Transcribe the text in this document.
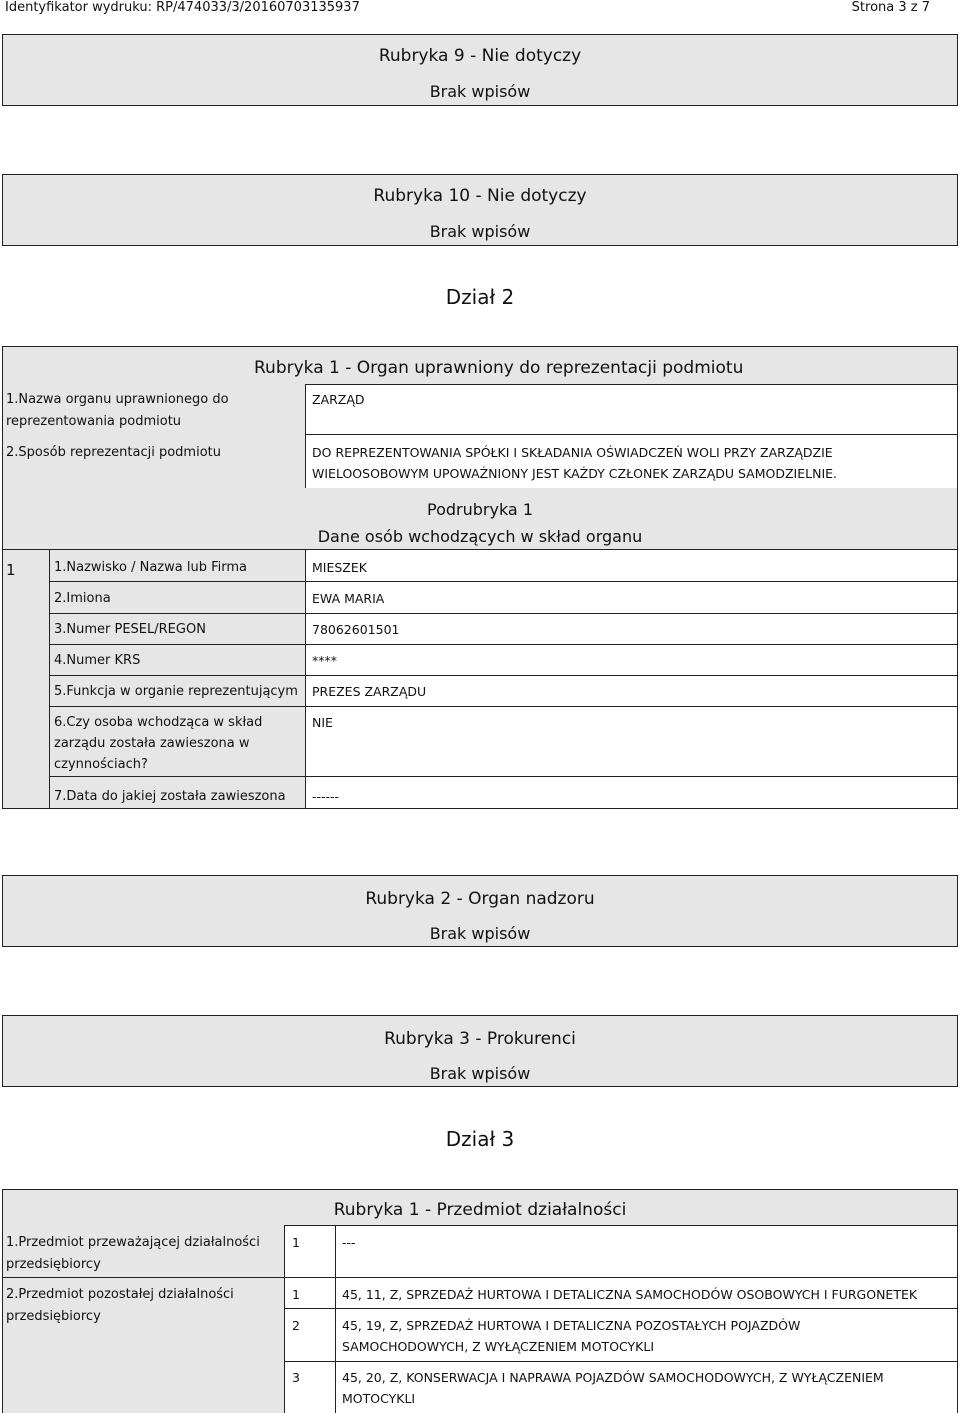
Identyfikator wydruku: RP/474033/3/20160703135937	Strona 3 z 7
Rubryka 9 - Nie dotyczy
Brak wpisów
Rubryka 10 - Nie dotyczy
Brak wpisów
Dział 2
Rubryka 1 - Organ uprawniony do reprezentacji podmiotu
1.Nazwa organu uprawnionego do
reprezentowania podmiotu
ZARZĄD
2.Sposób reprezentacji podmiotu	DO REPREZENTOWANIA SPÓŁKI I SKŁADANIA OŚWIADCZEŃ WOLI PRZY ZARZĄDZIE
WIELOOSOBOWYM UPOWAŻNIONY JEST KAŻDY CZŁONEK ZARZĄDU SAMODZIELNIE.
Podrubryka 1
Dane osób wchodzących w skład organu
1	1.Nazwisko / Nazwa lub Firma	MIESZEK
2.Imiona	EWA MARIA
3.Numer PESEL/REGON	78062601501
4.Numer KRS	****
5.Funkcja w organie reprezentującym PREZES ZARZĄDU
6.Czy osoba wchodząca w skład
zarządu została zawieszona w
czynnościach?
NIE
7.Data do jakiej została zawieszona ------
Rubryka 2 - Organ nadzoru
Brak wpisów
Rubryka 3 - Prokurenci
Brak wpisów
Dział 3
Rubryka 1 - Przedmiot działalności
1.Przedmiot przeważającej działalności
przedsiębiorcy
1	---
2.Przedmiot pozostałej działalności
przedsiębiorcy
1	45, 11, Z, SPRZEDAŻ HURTOWA I DETALICZNA SAMOCHODÓW OSOBOWYCH I FURGONETEK
2	45, 19, Z, SPRZEDAŻ HURTOWA I DETALICZNA POZOSTAŁYCH POJAZDÓW
SAMOCHODOWYCH, Z WYŁĄCZENIEM MOTOCYKLI
3	45, 20, Z, KONSERWACJA I NAPRAWA POJAZDÓW SAMOCHODOWYCH, Z WYŁĄCZENIEM
MOTOCYKLI
